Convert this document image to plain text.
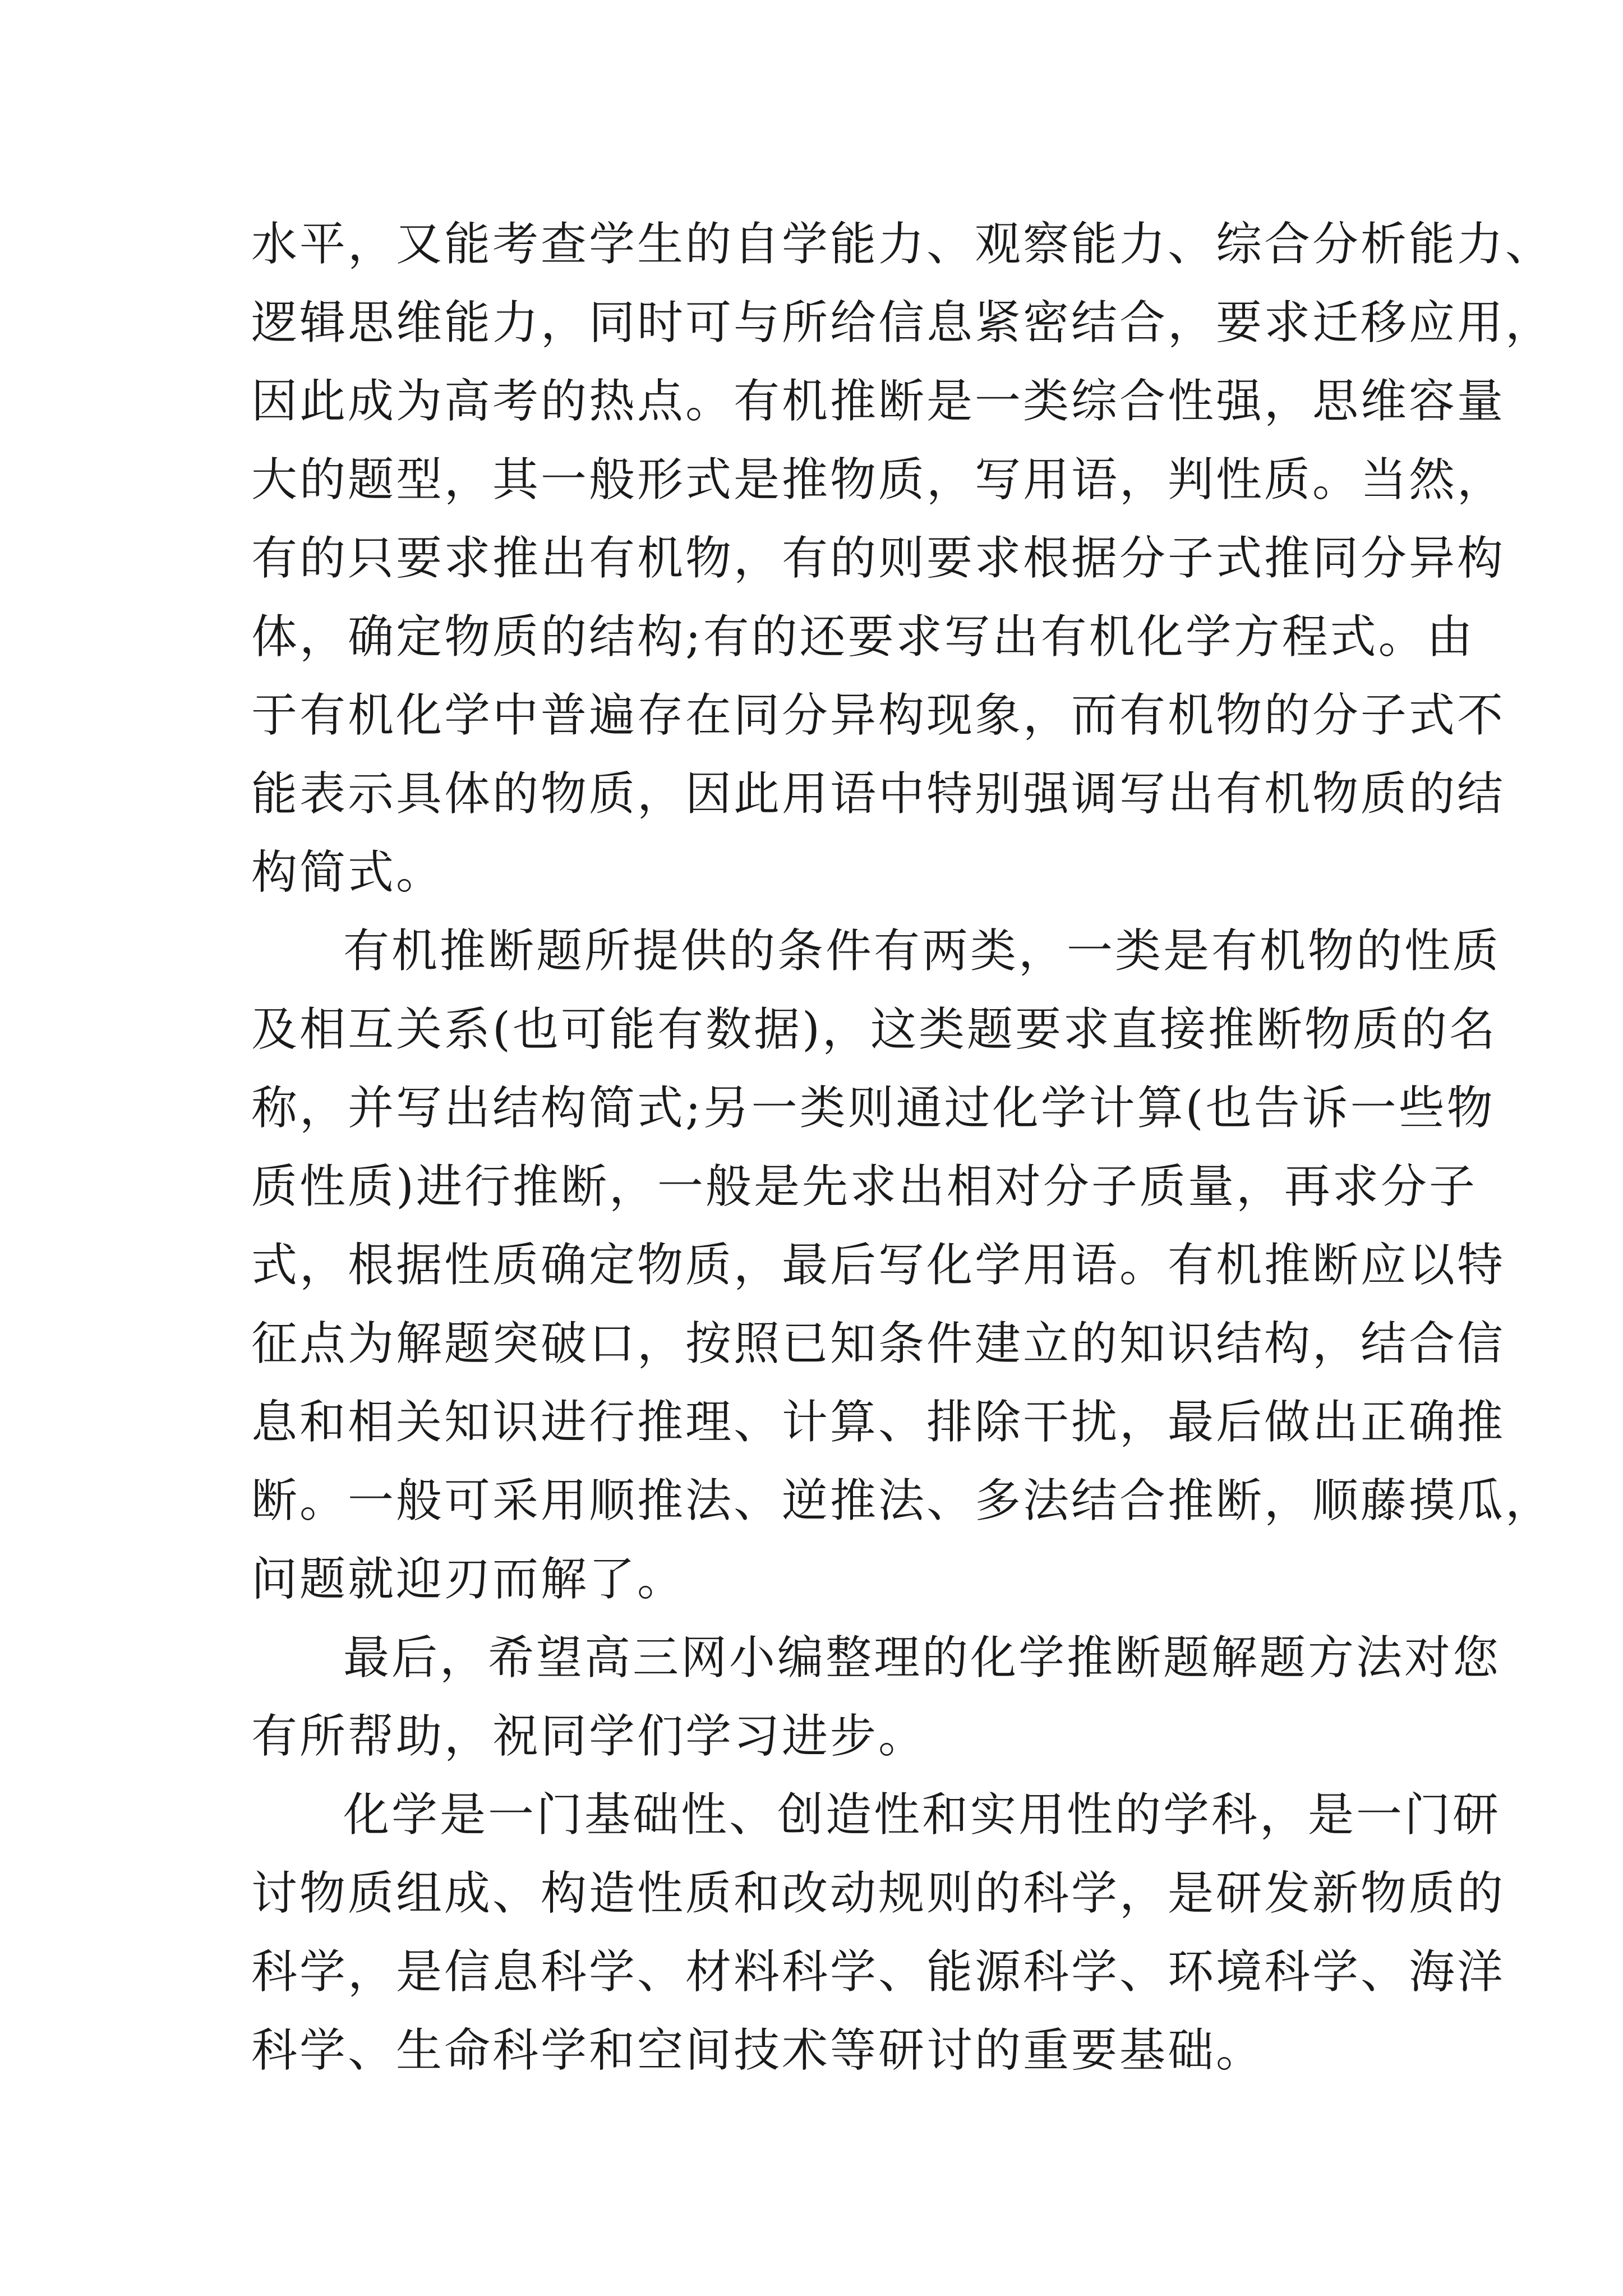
水平，又能考查学生的自学能力、观察能力、综合分析能力、
逻辑思维能力，同时可与所给信息紧密结合，要求迁移应用，
因此成为高考的热点。有机推断是一类综合性强，思维容量
大的题型，其一般形式是推物质，写用语，判性质。当然，
有的只要求推出有机物，有的则要求根据分子式推同分异构
体，确定物质的结构;有的还要求写出有机化学方程式。由
于有机化学中普遍存在同分异构现象，而有机物的分子式不
能表示具体的物质，因此用语中特别强调写出有机物质的结
构简式。
有机推断题所提供的条件有两类，一类是有机物的性质
及相互关系(也可能有数据)，这类题要求直接推断物质的名
称，并写出结构简式;另一类则通过化学计算(也告诉一些物
质性质)进行推断，一般是先求出相对分子质量，再求分子
式，根据性质确定物质，最后写化学用语。有机推断应以特
征点为解题突破口，按照已知条件建立的知识结构，结合信
息和相关知识进行推理、计算、排除干扰，最后做出正确推
断。一般可采用顺推法、逆推法、多法结合推断，顺藤摸瓜，
问题就迎刃而解了。
最后，希望高三网小编整理的化学推断题解题方法对您
有所帮助，祝同学们学习进步。
化学是一门基础性、创造性和实用性的学科，是一门研
讨物质组成、构造性质和改动规则的科学，是研发新物质的
科学，是信息科学、材料科学、能源科学、环境科学、海洋
科学、生命科学和空间技术等研讨的重要基础。
